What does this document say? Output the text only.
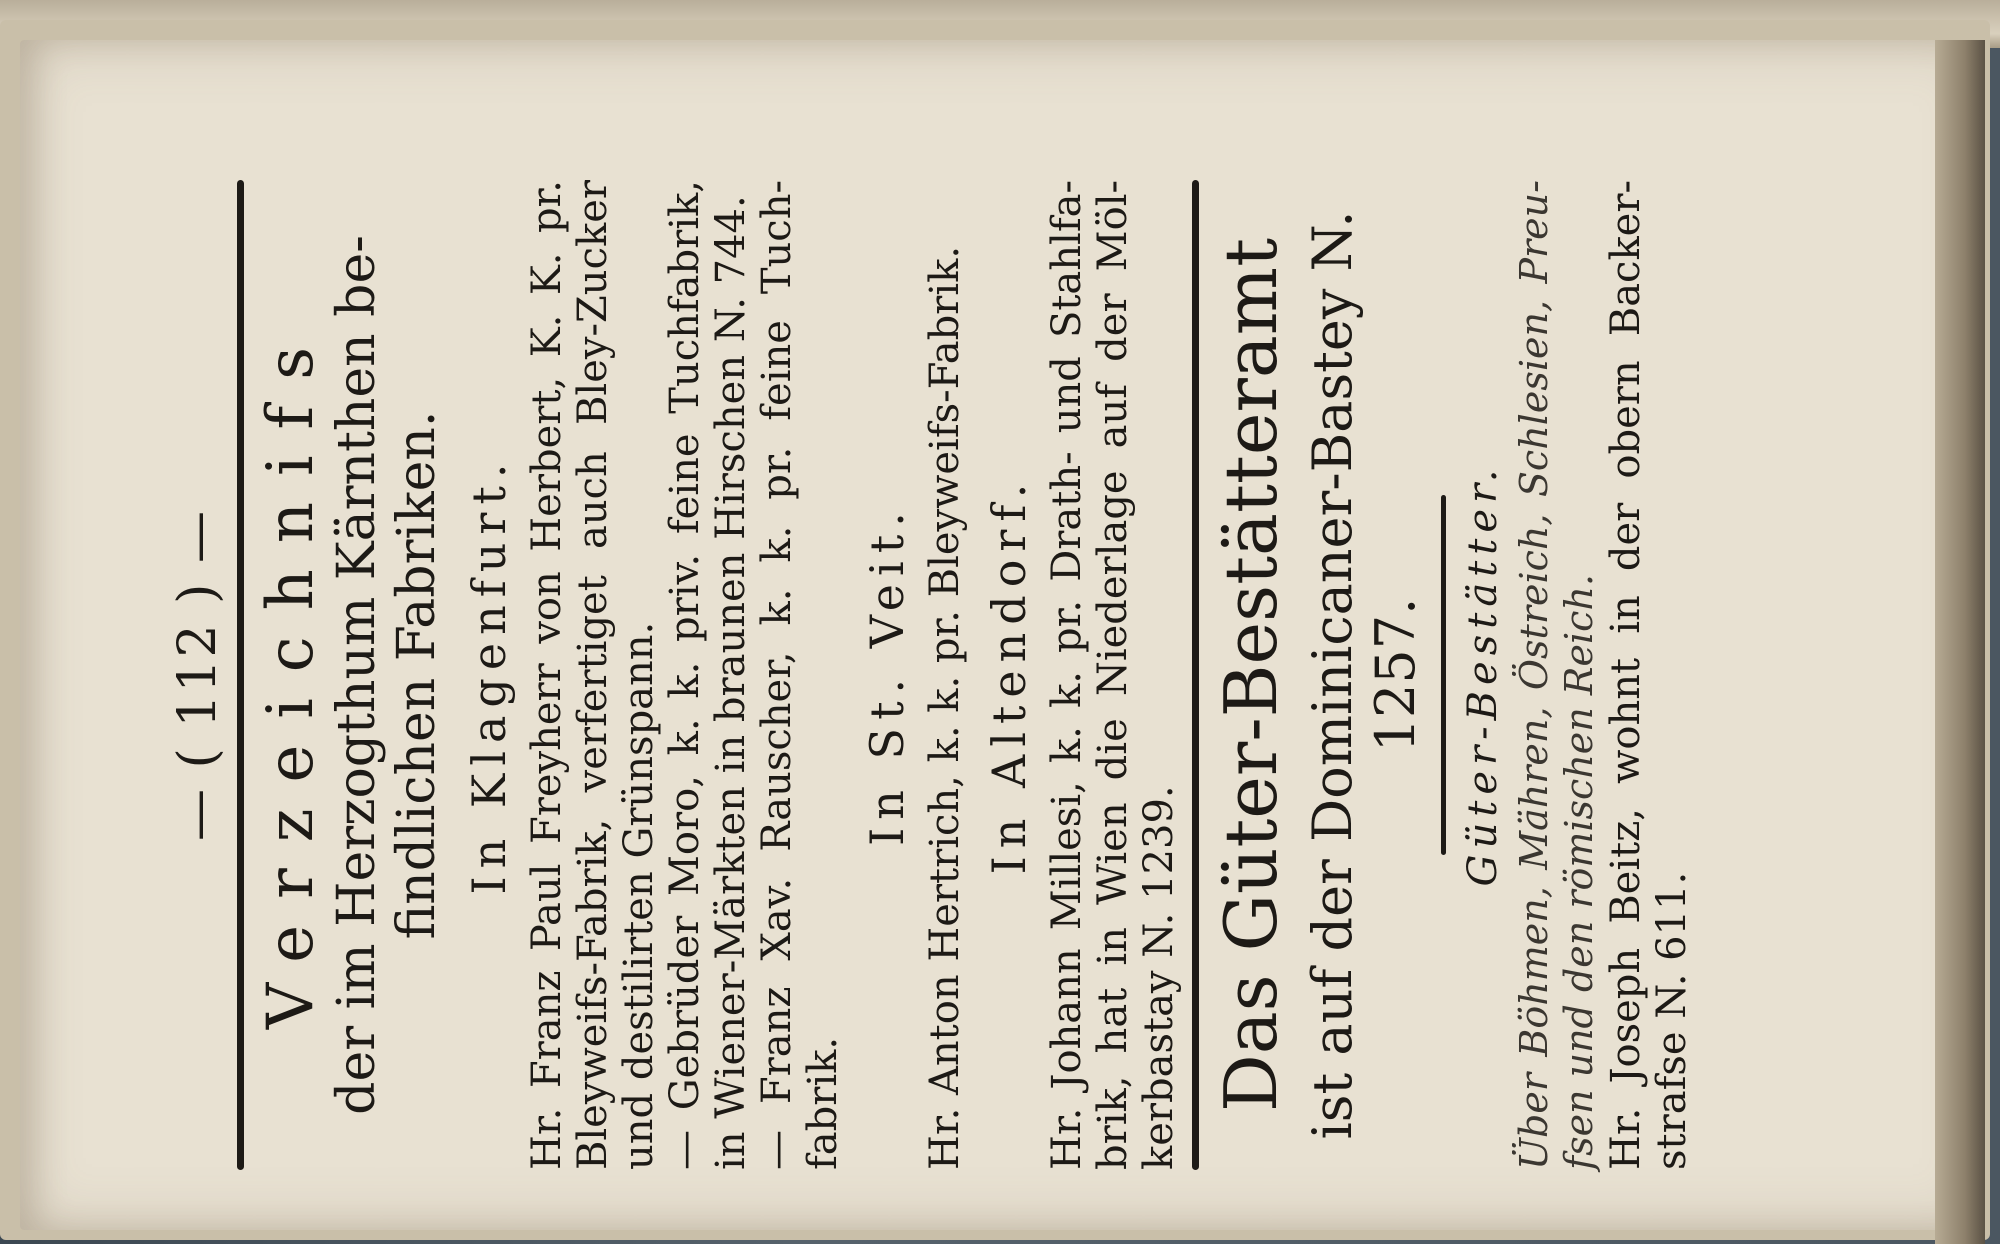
— ( 112 ) — Verzeichnifs der im Herzogthum Kärnthen be-findlichen Fabriken. In Klagenfurt. Hr. Franz Paul Freyherr von Herbert, K. K. pr. Bleyweifs-Fabrik, verfertiget auch Bley-Zucker und destilirten Grünspann. — Gebrüder Moro, k. k. priv. feine Tuchfabrik, in Wiener-Märkten in braunen Hirschen N. 744. — Franz Xav. Rauscher, k. k. pr. feine Tuch-fabrik.
In St. Veit. Hr. Anton Hertrich, k. k. pr. Bleyweifs-Fabrik. In Altendorf. Hr. Johann Millesi, k. k. pr. Drath- und Stahlfa-brik, hat in Wien die Niederlage auf der Möl-kerbastay N. 1239. Das Güter-Bestätteramt ist auf der Dominicaner-Bastey N. 1257. Güter-Bestätter. Über Böhmen, Mähren, Östreich, Schlesien, Preu-fsen und den römischen Reich. Hr. Joseph Beitz, wohnt in der obern Backer-strafse N. 611.
